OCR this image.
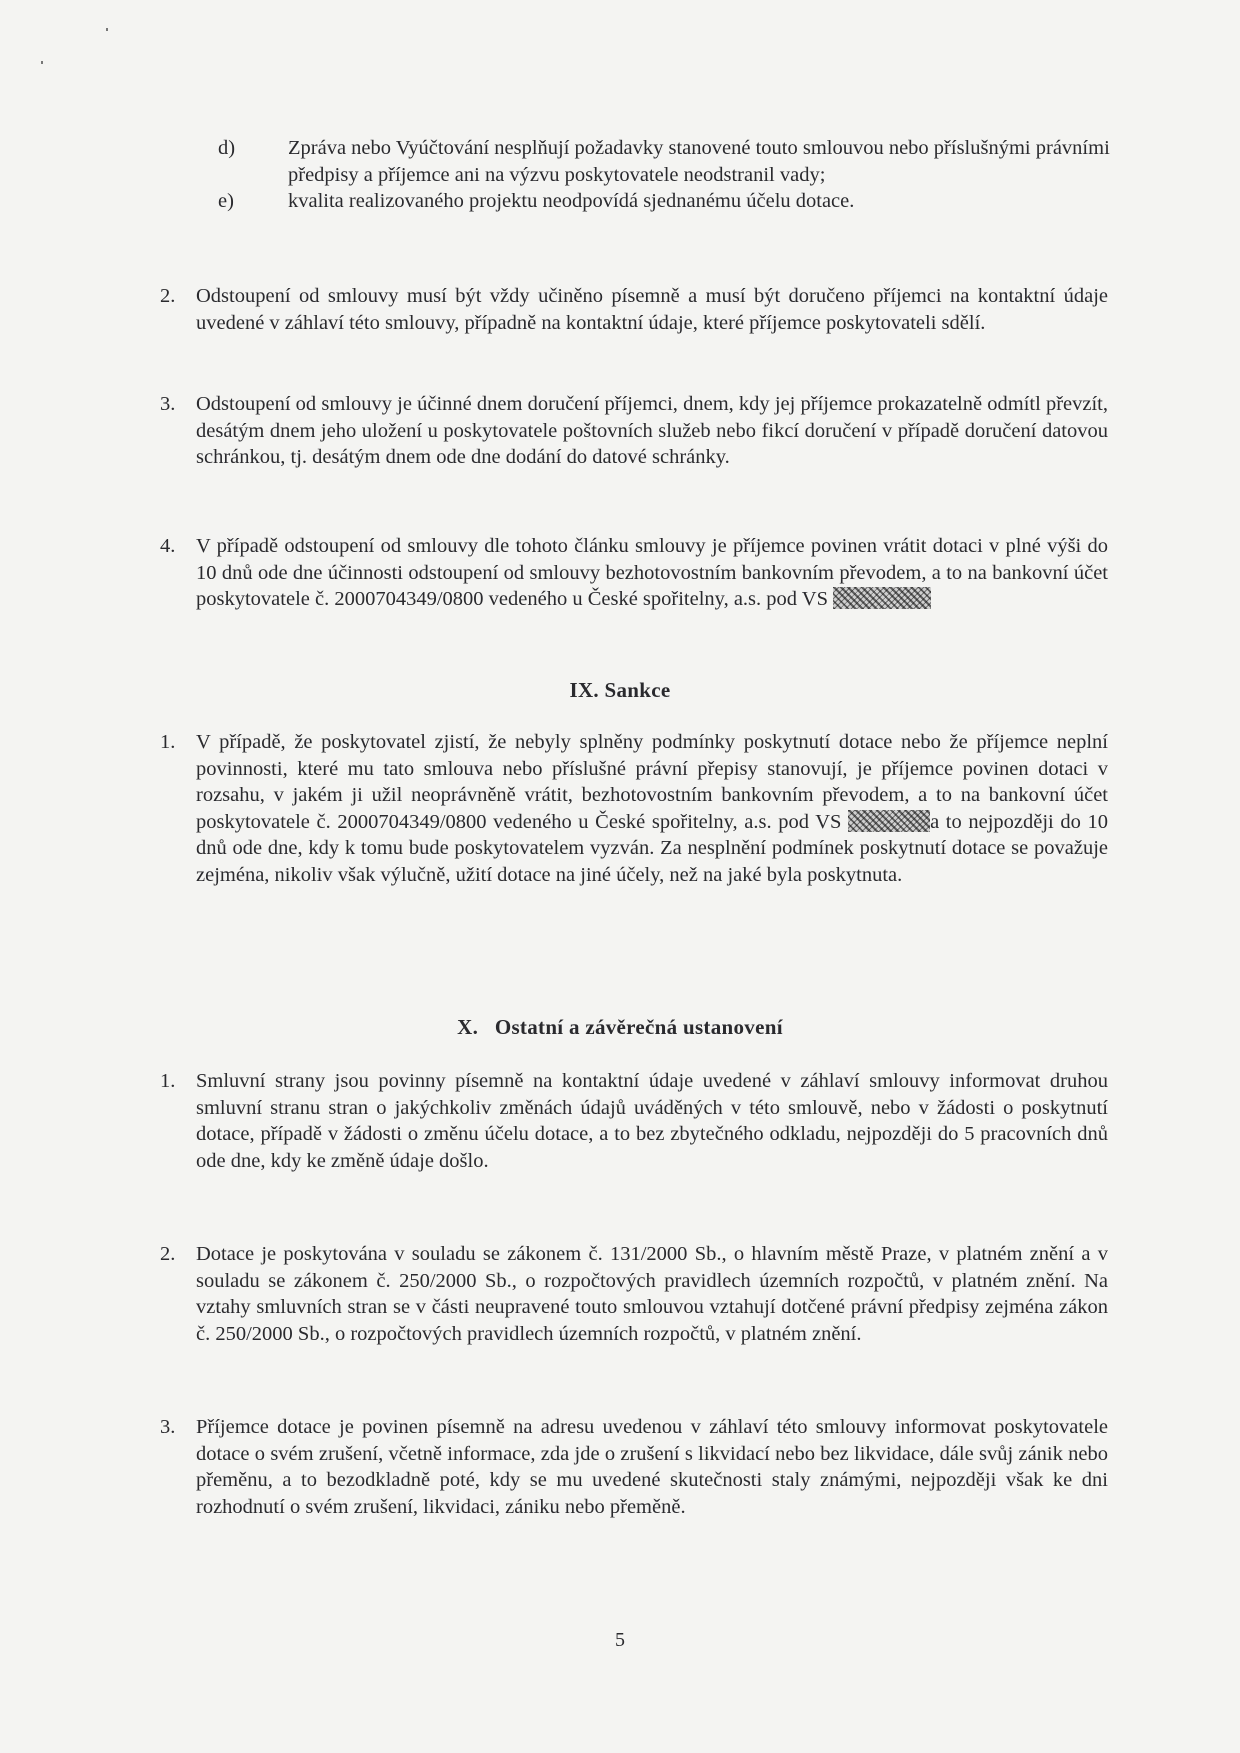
d)	Zpráva nebo Vyúčtování nesplňují požadavky stanovené touto smlouvou nebo příslušnými právními předpisy a příjemce ani na výzvu poskytovatele neodstranil vady;
e)	kvalita realizovaného projektu neodpovídá sjednanému účelu dotace.
2.	Odstoupení od smlouvy musí být vždy učiněno písemně a musí být doručeno příjemci na kontaktní údaje uvedené v záhlaví této smlouvy, případně na kontaktní údaje, které příjemce poskytovateli sdělí.
3.	Odstoupení od smlouvy je účinné dnem doručení příjemci, dnem, kdy jej příjemce prokazatelně odmítl převzít, desátým dnem jeho uložení u poskytovatele poštovních služeb nebo fikcí doručení v případě doručení datovou schránkou, tj. desátým dnem ode dne dodání do datové schránky.
4.	V případě odstoupení od smlouvy dle tohoto článku smlouvy je příjemce povinen vrátit dotaci v plné výši do 10 dnů ode dne účinnosti odstoupení od smlouvy bezhotovostním bankovním převodem, a to na bankovní účet poskytovatele č. 2000704349/0800 vedeného u České spořitelny, a.s. pod VS
IX. Sankce
1.	V případě, že poskytovatel zjistí, že nebyly splněny podmínky poskytnutí dotace nebo že příjemce neplní povinnosti, které mu tato smlouva nebo příslušné právní přepisy stanovují, je příjemce povinen dotaci v rozsahu, v jakém ji užil neoprávněně vrátit, bezhotovostním bankovním převodem, a to na bankovní účet poskytovatele č. 2000704349/0800 vedeného u České spořitelny, a.s. pod VS	a to nejpozději do 10 dnů ode dne, kdy k tomu bude poskytovatelem vyzván. Za nesplnění podmínek poskytnutí dotace se považuje zejména, nikoliv však výlučně, užití dotace na jiné účely, než na jaké byla poskytnuta.
X.   Ostatní a závěrečná ustanovení
1.	Smluvní strany jsou povinny písemně na kontaktní údaje uvedené v záhlaví smlouvy informovat druhou smluvní stranu stran o jakýchkoliv změnách údajů uváděných v této smlouvě, nebo v žádosti o poskytnutí dotace, případě v žádosti o změnu účelu dotace, a to bez zbytečného odkladu, nejpozději do 5 pracovních dnů ode dne, kdy ke změně údaje došlo.
2.	Dotace je poskytována v souladu se zákonem č. 131/2000 Sb., o hlavním městě Praze, v platném znění a v souladu se zákonem č. 250/2000 Sb., o rozpočtových pravidlech územních rozpočtů, v platném znění. Na vztahy smluvních stran se v části neupravené touto smlouvou vztahují dotčené právní předpisy zejména zákon č. 250/2000 Sb., o rozpočtových pravidlech územních rozpočtů, v platném znění.
3.	Příjemce dotace je povinen písemně na adresu uvedenou v záhlaví této smlouvy informovat poskytovatele dotace o svém zrušení, včetně informace, zda jde o zrušení s likvidací nebo bez likvidace, dále svůj zánik nebo přeměnu, a to bezodkladně poté, kdy se mu uvedené skutečnosti staly známými, nejpozději však ke dni rozhodnutí o svém zrušení, likvidaci, zániku nebo přeměně.
5
